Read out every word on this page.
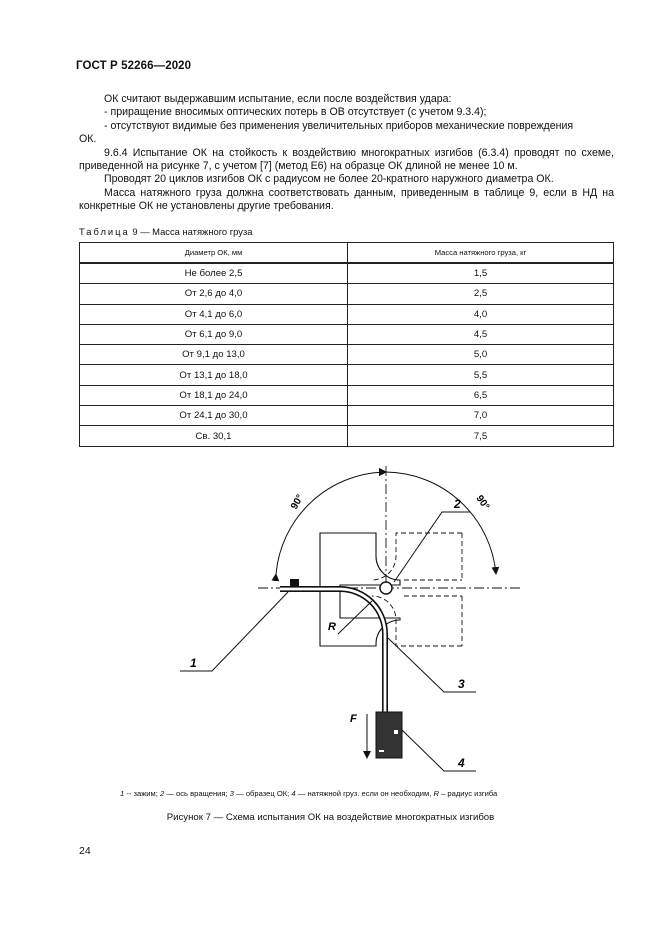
ГОСТ Р 52266—2020

ОК считают выдержавшим испытание, если после воздействия удара:

- приращение вносимых оптических потерь в ОВ отсутствует (с учетом 9.3.4);

- отсутствуют видимые без применения увеличительных приборов механические повреждения

ОК.

9.6.4 Испытание ОК на стойкость к воздействию многократных изгибов (6.3.4) проводят по схеме, приведенной на рисунке 7, с учетом [7] (метод Е6) на образце ОК длиной не менее 10 м.

Проводят 20 циклов изгибов ОК с радиусом не более 20-кратного наружного диаметра ОК.

Масса натяжного груза должна соответствовать данным, приведенным в таблице 9, если в НД на конкретные ОК не установлены другие требования.

Таблица 9 — Масса натяжного груза
Диаметр ОК, мм	Масса натяжного груза, кг
Не более 2,5	1,5
От 2,6 до 4,0	2,5
От 4,1 до 6,0	4,0
От 6,1 до 9,0	4,5
От 9,1 до 13,0	5,0
От 13,1 до 18,0	5,5
От 18,1 до 24,0	6,5
От 24,1 до 30,0	7,0
Св. 30,1	7,5
90°	90°
R
F
1
2
3
4
1 -- зажим; 2 — ось вращения; 3 — образец ОК; 4 — натяжной груз. если он необходим, R – радиус изгиба
Рисунок 7 — Схема испытания ОК на воздействие многократных изгибов
24
